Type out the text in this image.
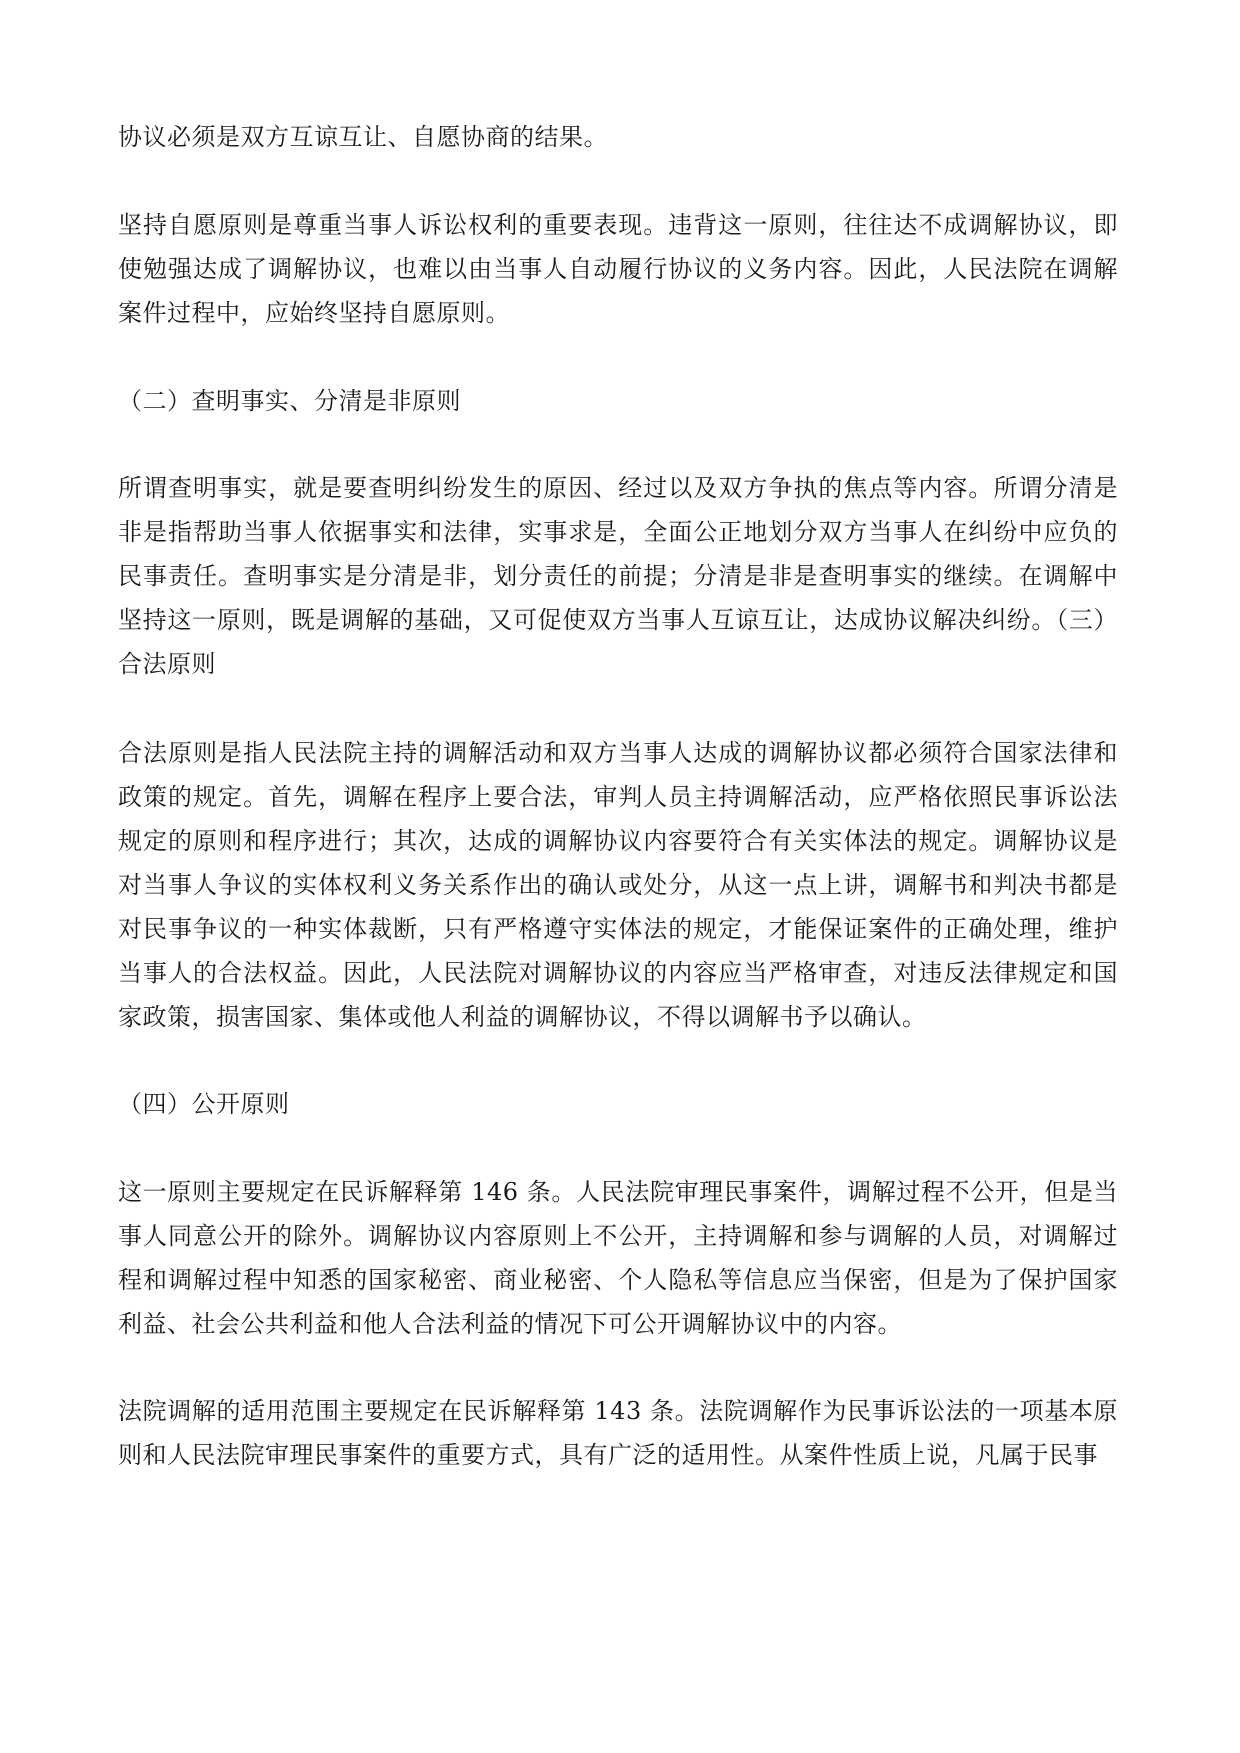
协议必须是双方互谅互让、自愿协商的结果。

坚持自愿原则是尊重当事人诉讼权利的重要表现。违背这一原则，往往达不成调解协议，即使勉强达成了调解协议，也难以由当事人自动履行协议的义务内容。因此，人民法院在调解案件过程中，应始终坚持自愿原则。

（二）查明事实、分清是非原则

所谓查明事实，就是要查明纠纷发生的原因、经过以及双方争执的焦点等内容。所谓分清是非是指帮助当事人依据事实和法律，实事求是，全面公正地划分双方当事人在纠纷中应负的民事责任。查明事实是分清是非，划分责任的前提；分清是非是查明事实的继续。在调解中坚持这一原则，既是调解的基础，又可促使双方当事人互谅互让，达成协议解决纠纷。（三）合法原则

合法原则是指人民法院主持的调解活动和双方当事人达成的调解协议都必须符合国家法律和政策的规定。首先，调解在程序上要合法，审判人员主持调解活动，应严格依照民事诉讼法规定的原则和程序进行；其次，达成的调解协议内容要符合有关实体法的规定。调解协议是对当事人争议的实体权利义务关系作出的确认或处分，从这一点上讲，调解书和判决书都是对民事争议的一种实体裁断，只有严格遵守实体法的规定，才能保证案件的正确处理，维护当事人的合法权益。因此，人民法院对调解协议的内容应当严格审查，对违反法律规定和国家政策，损害国家、集体或他人利益的调解协议，不得以调解书予以确认。

（四）公开原则

这一原则主要规定在民诉解释第 146 条。人民法院审理民事案件，调解过程不公开，但是当事人同意公开的除外。调解协议内容原则上不公开，主持调解和参与调解的人员，对调解过程和调解过程中知悉的国家秘密、商业秘密、个人隐私等信息应当保密，但是为了保护国家利益、社会公共利益和他人合法利益的情况下可公开调解协议中的内容。

法院调解的适用范围主要规定在民诉解释第 143 条。法院调解作为民事诉讼法的一项基本原则和人民法院审理民事案件的重要方式，具有广泛的适用性。从案件性质上说，凡属于民事
